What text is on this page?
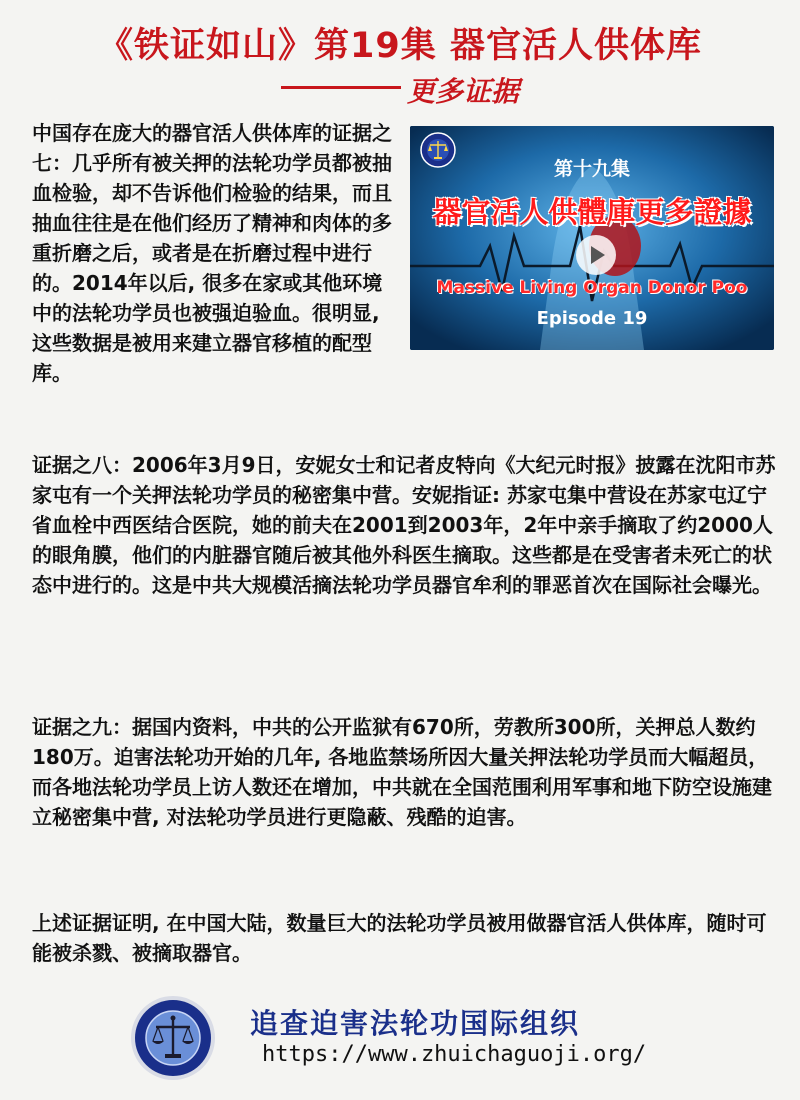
《铁证如山》第19集 器官活人供体库
更多证据
中国存在庞大的器官活人供体库的证据之七：几乎所有被关押的法轮功学员都被抽血检验，却不告诉他们检验的结果，而且抽血往往是在他们经历了精神和肉体的多重折磨之后，或者是在折磨过程中进行的。2014年以后, 很多在家或其他环境中的法轮功学员也被强迫验血。很明显, 这些数据是被用来建立器官移植的配型库。
第十九集
器官活人供體庫更多證據
Massive Living Organ Donor Poo
Episode 19
证据之八：2006年3月9日，安妮女士和记者皮特向《大纪元时报》披露在沈阳市苏家屯有一个关押法轮功学员的秘密集中营。安妮指证: 苏家屯集中营设在苏家屯辽宁省血栓中西医结合医院，她的前夫在2001到2003年，2年中亲手摘取了约2000人的眼角膜，他们的内脏器官随后被其他外科医生摘取。这些都是在受害者未死亡的状态中进行的。这是中共大规模活摘法轮功学员器官牟利的罪恶首次在国际社会曝光。
证据之九：据国内资料，中共的公开监狱有670所，劳教所300所，关押总人数约180万。迫害法轮功开始的几年, 各地监禁场所因大量关押法轮功学员而大幅超员，而各地法轮功学员上访人数还在增加，中共就在全国范围利用军事和地下防空设施建立秘密集中营, 对法轮功学员进行更隐蔽、残酷的迫害。
上述证据证明, 在中国大陆，数量巨大的法轮功学员被用做器官活人供体库，随时可能被杀戮、被摘取器官。
追查迫害法轮功国际组织
https://www.zhuichaguoji.org/
